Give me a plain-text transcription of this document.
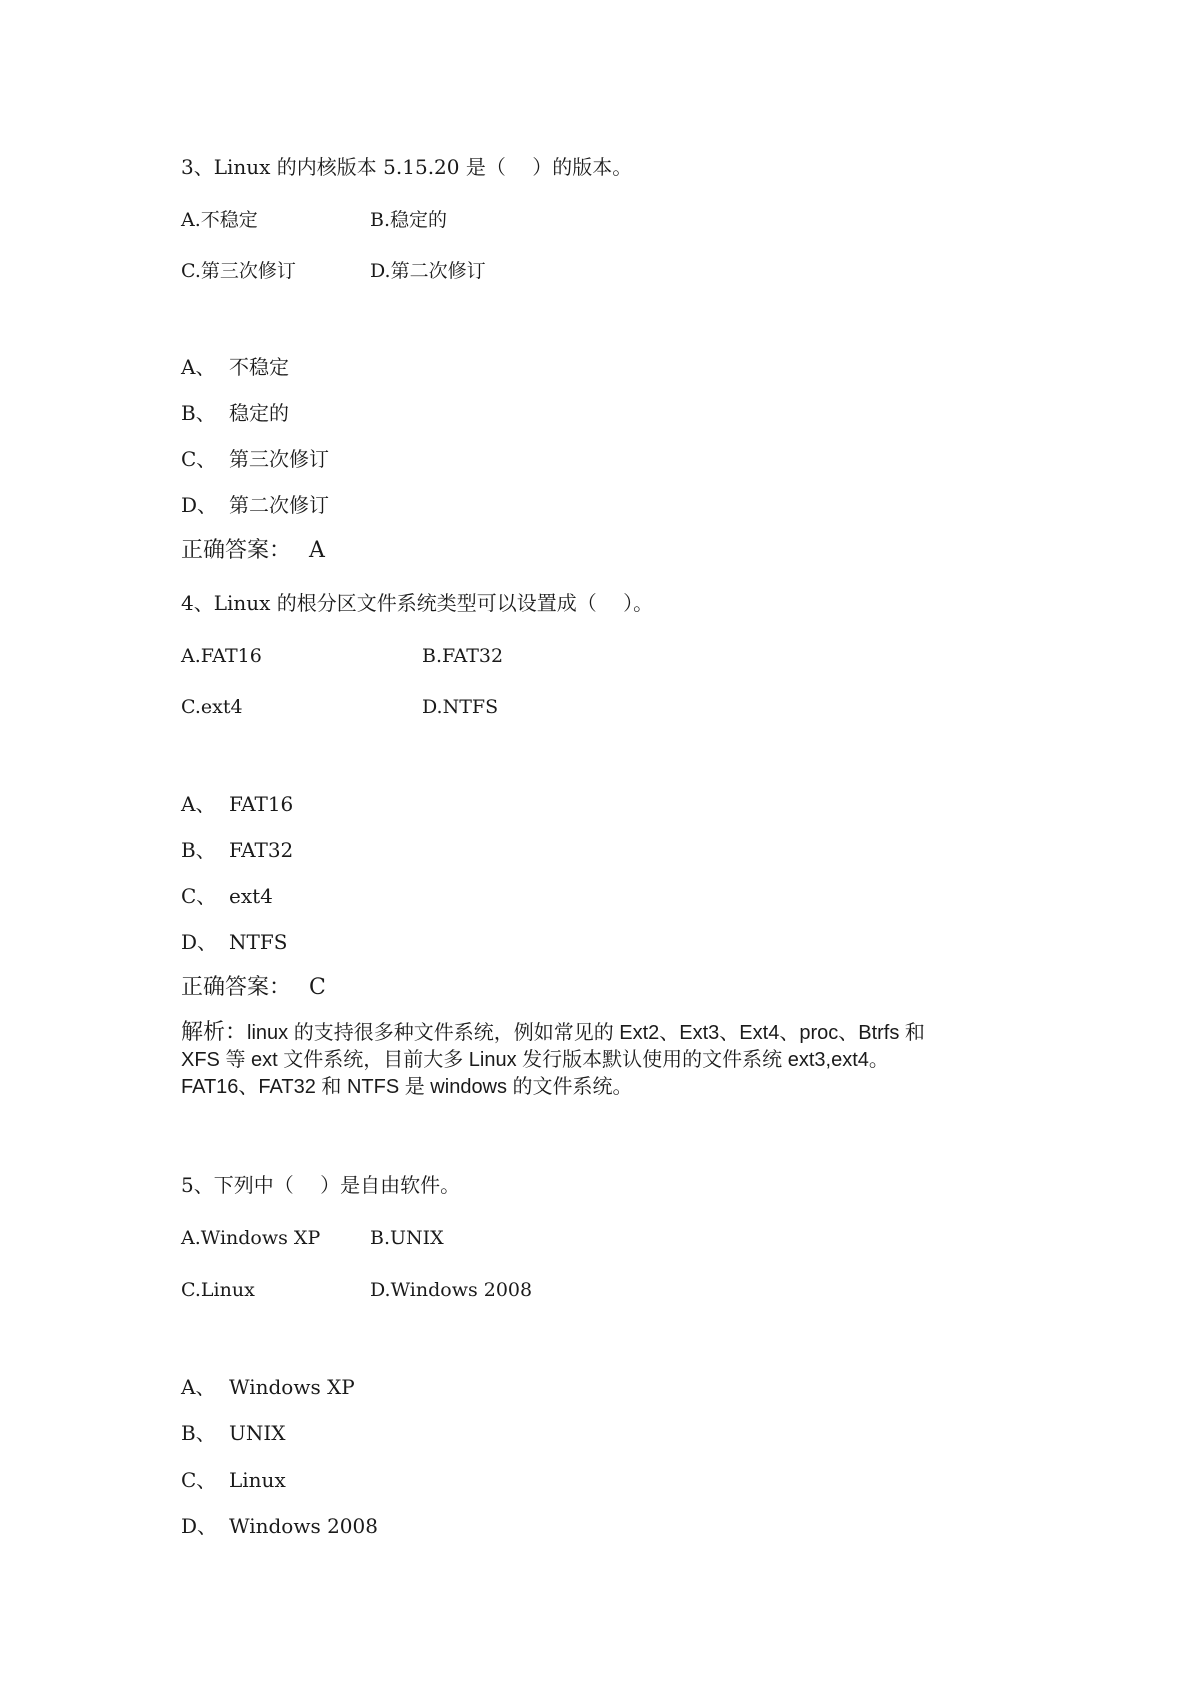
3、Linux 的内核版本 5.15.20 是（　 ）的版本。
A.不稳定	B.稳定的
C.第三次修订	D.第二次修订
A、 不稳定
B、 稳定的
C、 第三次修订
D、 第二次修订
正确答案： A
4、Linux 的根分区文件系统类型可以设置成（　 ）。
A.FAT16	B.FAT32
C.ext4	D.NTFS
A、 FAT16
B、 FAT32
C、 ext4
D、 NTFS
正确答案： C
解析：linux 的支持很多种文件系统，例如常见的 Ext2、Ext3、Ext4、proc、Btrfs 和
XFS 等 ext 文件系统，目前大多 Linux 发行版本默认使用的文件系统 ext3,ext4。
FAT16、FAT32 和 NTFS 是 windows 的文件系统。
5、下列中（　 ）是自由软件。
A.Windows XP	B.UNIX
C.Linux	D.Windows 2008
A、 Windows XP
B、 UNIX
C、 Linux
D、 Windows 2008
